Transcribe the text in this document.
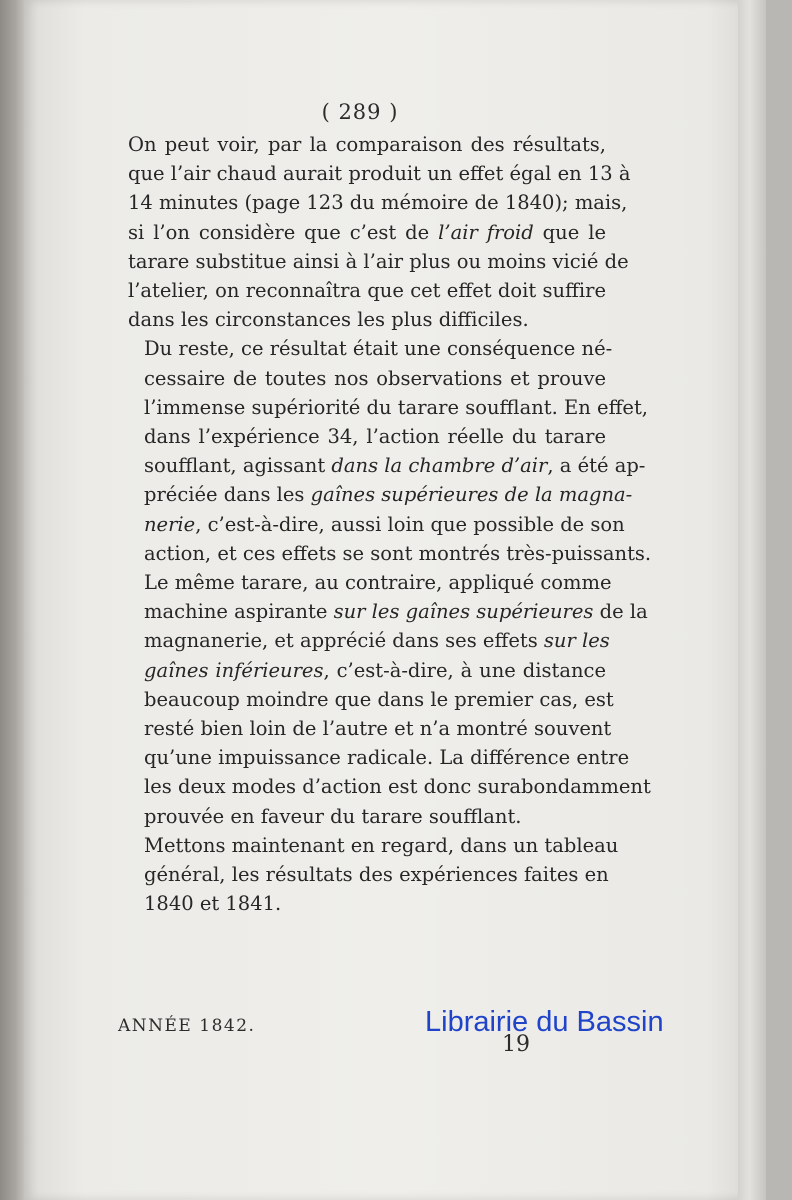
( 289 )

On peut voir, par la comparaison des résultats,
que l’air chaud aurait produit un effet égal en 13 à
14 minutes (page 123 du mémoire de 1840); mais,
si l’on considère que c’est de l’air froid que le
tarare substitue ainsi à l’air plus ou moins vicié de
l’atelier, on reconnaîtra que cet effet doit suffire
dans les circonstances les plus difficiles.

Du reste, ce résultat était une conséquence né-
cessaire de toutes nos observations et prouve
l’immense supériorité du tarare soufflant. En effet,
dans l’expérience 34, l’action réelle du tarare
soufflant, agissant dans la chambre d’air, a été ap-
préciée dans les gaînes supérieures de la magna-
nerie, c’est-à-dire, aussi loin que possible de son
action, et ces effets se sont montrés très-puissants.
Le même tarare, au contraire, appliqué comme
machine aspirante sur les gaînes supérieures de la
magnanerie, et apprécié dans ses effets sur les
gaînes inférieures, c’est-à-dire, à une distance
beaucoup moindre que dans le premier cas, est
resté bien loin de l’autre et n’a montré souvent
qu’une impuissance radicale. La différence entre
les deux modes d’action est donc surabondamment
prouvée en faveur du tarare soufflant.

Mettons maintenant en regard, dans un tableau
général, les résultats des expériences faites en
1840 et 1841.

ANNÉE 1842.
19
Librairie du Bassin
